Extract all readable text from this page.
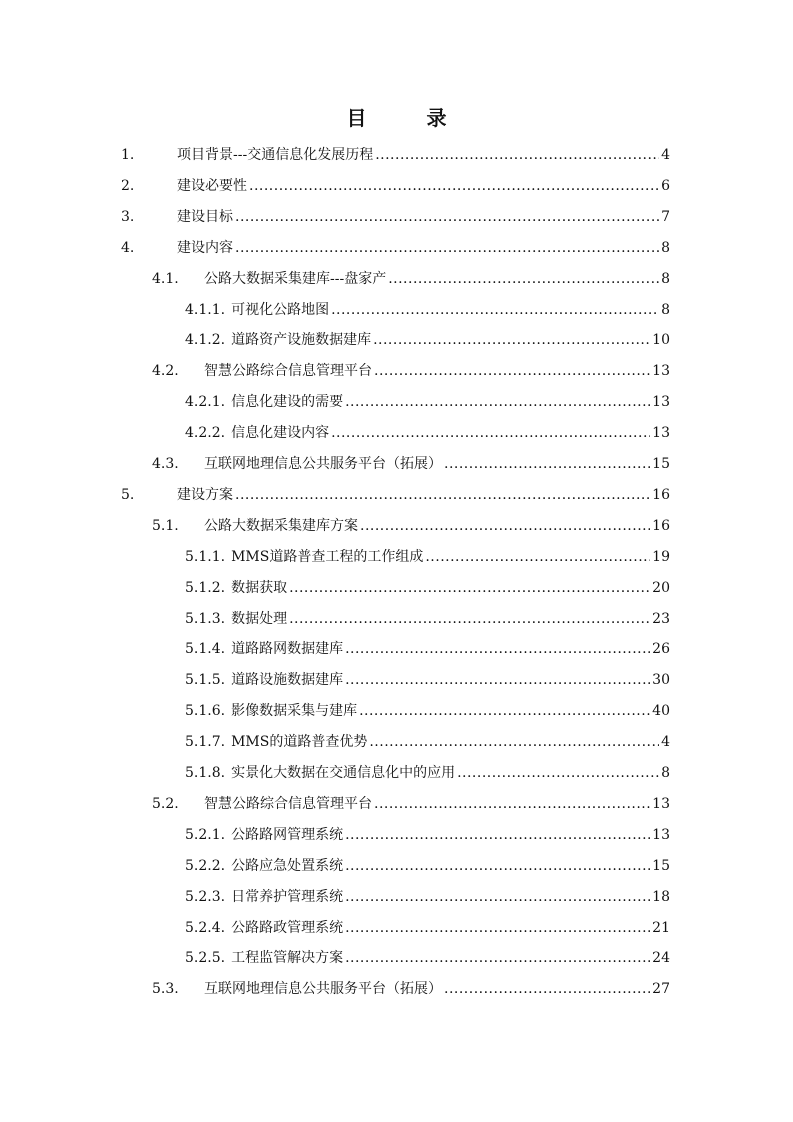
目　录
1.	项目背景---交通信息化发展历程 .....	4
2.	建设必要性 .....	6
3.	建设目标 .....	7
4.	建设内容 .....	8
4.1.	公路大数据采集建库---盘家产 .....	8
4.1.1. 可视化公路地图 .....	8
4.1.2. 道路资产设施数据建库 .....	10
4.2.	智慧公路综合信息管理平台 .....	13
4.2.1. 信息化建设的需要 .....	13
4.2.2. 信息化建设内容 .....	13
4.3.	互联网地理信息公共服务平台（拓展） .....	15
5.	建设方案 .....	16
5.1.	公路大数据采集建库方案 .....	16
5.1.1. MMS道路普查工程的工作组成 .....	19
5.1.2. 数据获取 .....	20
5.1.3. 数据处理 .....	23
5.1.4. 道路路网数据建库 .....	26
5.1.5. 道路设施数据建库 .....	30
5.1.6. 影像数据采集与建库 .....	40
5.1.7. MMS的道路普查优势 .....	4
5.1.8. 实景化大数据在交通信息化中的应用 .....	8
5.2.	智慧公路综合信息管理平台 .....	13
5.2.1. 公路路网管理系统 .....	13
5.2.2. 公路应急处置系统 .....	15
5.2.3. 日常养护管理系统 .....	18
5.2.4. 公路路政管理系统 .....	21
5.2.5. 工程监管解决方案 .....	24
5.3.	互联网地理信息公共服务平台（拓展） .....	27
